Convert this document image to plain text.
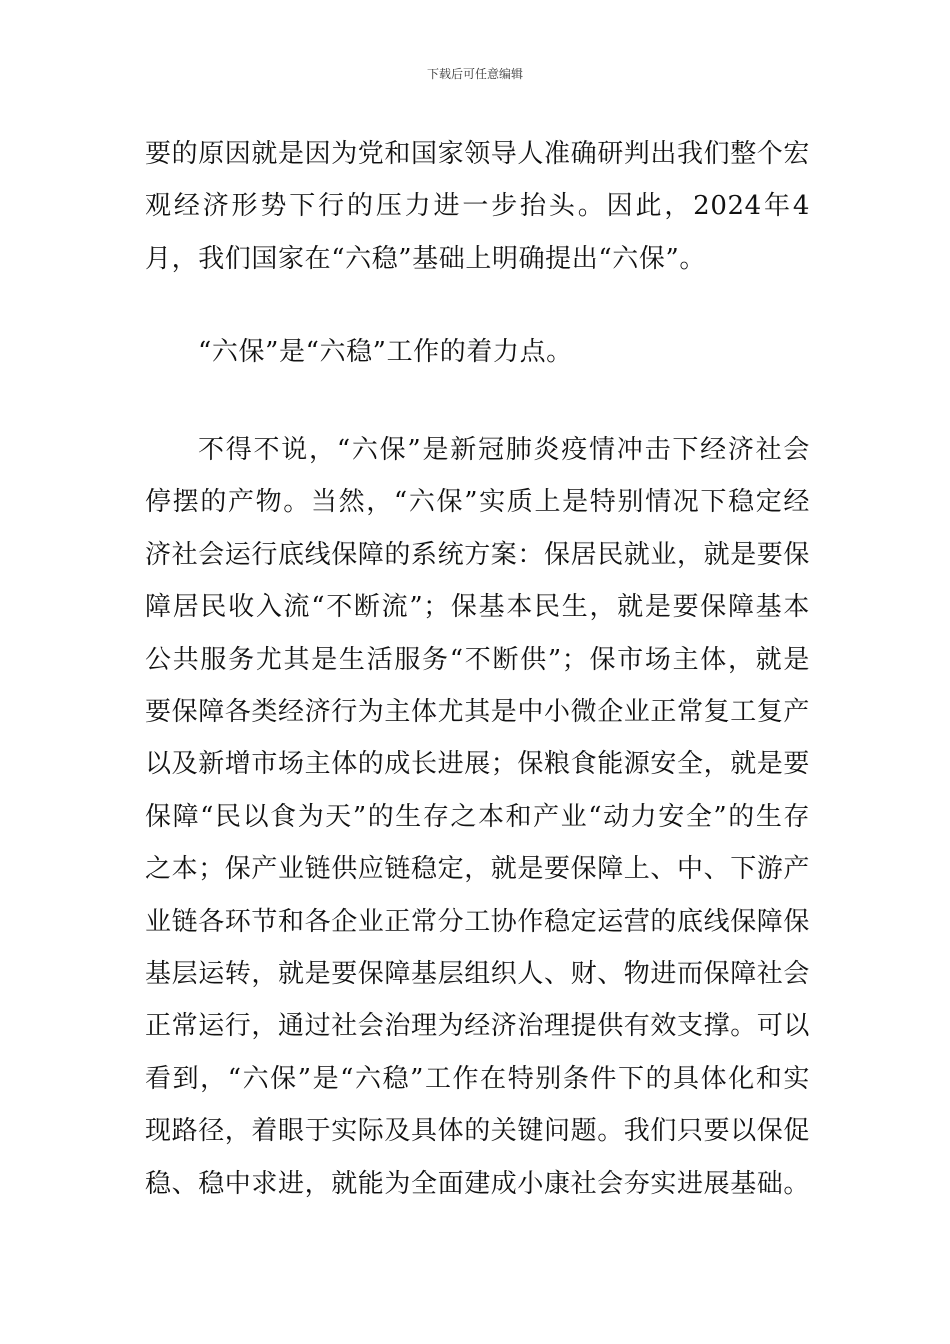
下载后可任意编辑

要的原因就是因为党和国家领导人准确研判出我们整个宏观经济形势下行的压力进一步抬头。因此，2024年4月，我们国家在“六稳”基础上明确提出“六保”。

“六保”是“六稳”工作的着力点。

不得不说，“六保”是新冠肺炎疫情冲击下经济社会停摆的产物。当然，“六保”实质上是特别情况下稳定经济社会运行底线保障的系统方案：保居民就业，就是要保障居民收入流“不断流”；保基本民生，就是要保障基本公共服务尤其是生活服务“不断供”；保市场主体，就是要保障各类经济行为主体尤其是中小微企业正常复工复产以及新增市场主体的成长进展；保粮食能源安全，就是要保障“民以食为天”的生存之本和产业“动力安全”的生存之本；保产业链供应链稳定，就是要保障上、中、下游产业链各环节和各企业正常分工协作稳定运营的底线保障保基层运转，就是要保障基层组织人、财、物进而保障社会正常运行，通过社会治理为经济治理提供有效支撑。可以看到，“六保”是“六稳”工作在特别条件下的具体化和实现路径，着眼于实际及具体的关键问题。我们只要以保促稳、稳中求进，就能为全面建成小康社会夯实进展基础。
